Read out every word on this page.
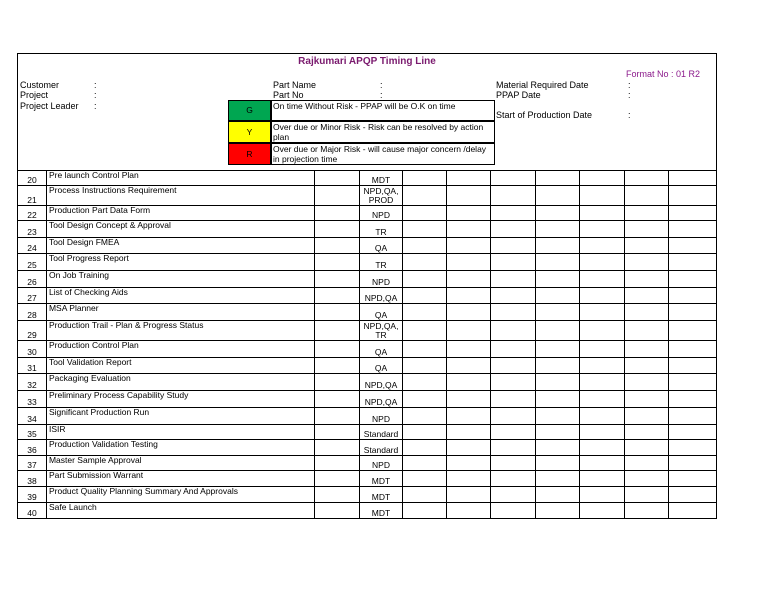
Rajkumari APQP Timing Line
Format No : 01 R2
Customer	:
Project	:
Project Leader :
Part Name	:
Part No	:
Material Required Date	:
PPAP Date	:
Start of Production Date	:
G	On time Without Risk - PPAP will be O.K on time
Y	Over due or Minor Risk - Risk can be resolved by action plan
R	Over due or Major Risk - will cause major concern /delay in projection time
20	Pre launch Control Plan		MDT							
21	Process Instructions Requirement		NPD,QA, PROD							
22	Production Part Data Form		NPD							
23	Tool Design Concept & Approval		TR							
24	Tool Design FMEA		QA							
25	Tool Progress Report		TR							
26	On Job Training		NPD							
27	List of Checking Aids		NPD,QA							
28	MSA Planner		QA							
29	Production Trail - Plan & Progress Status		NPD,QA, TR							
30	Production Control Plan		QA							
31	Tool Validation Report		QA							
32	Packaging Evaluation		NPD,QA							
33	Preliminary Process Capability Study		NPD,QA							
34	Significant Production Run		NPD							
35	ISIR		Standard							
36	Production Validation Testing		Standard							
37	Master Sample Approval		NPD							
38	Part Submission Warrant		MDT							
39	Product Quality Planning Summary And Approvals		MDT							
40	Safe Launch		MDT							
